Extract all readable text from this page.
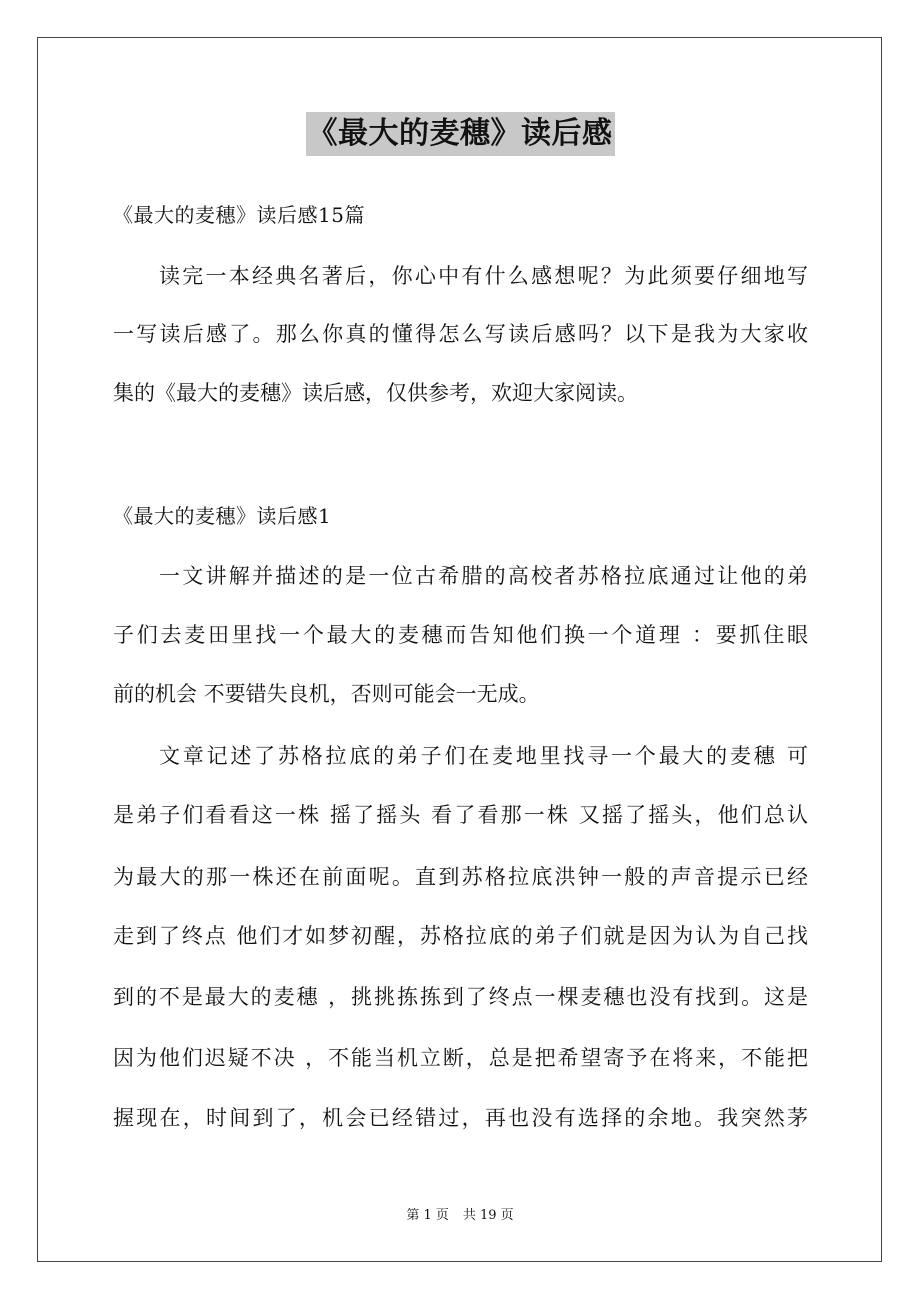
《最大的麦穗》读后感
《最大的麦穗》读后感15篇
读完一本经典名著后，你心中有什么感想呢？为此须要仔细地写
一写读后感了。那么你真的懂得怎么写读后感吗？以下是我为大家收
集的《最大的麦穗》读后感，仅供参考，欢迎大家阅读。
《最大的麦穗》读后感1
一文讲解并描述的是一位古希腊的高校者苏格拉底通过让他的弟
子们去麦田里找一个最大的麦穗而告知他们换一个道理 ：要抓住眼
前的机会 不要错失良机，否则可能会一无成。
文章记述了苏格拉底的弟子们在麦地里找寻一个最大的麦穗 可
是弟子们看看这一株 摇了摇头 看了看那一株 又摇了摇头，他们总认
为最大的那一株还在前面呢。直到苏格拉底洪钟一般的声音提示已经
走到了终点 他们才如梦初醒，苏格拉底的弟子们就是因为认为自己找
到的不是最大的麦穗 ，挑挑拣拣到了终点一棵麦穗也没有找到。这是
因为他们迟疑不决 ，不能当机立断，总是把希望寄予在将来，不能把
握现在，时间到了，机会已经错过，再也没有选择的余地。我突然茅
第 1 页 共 19 页
